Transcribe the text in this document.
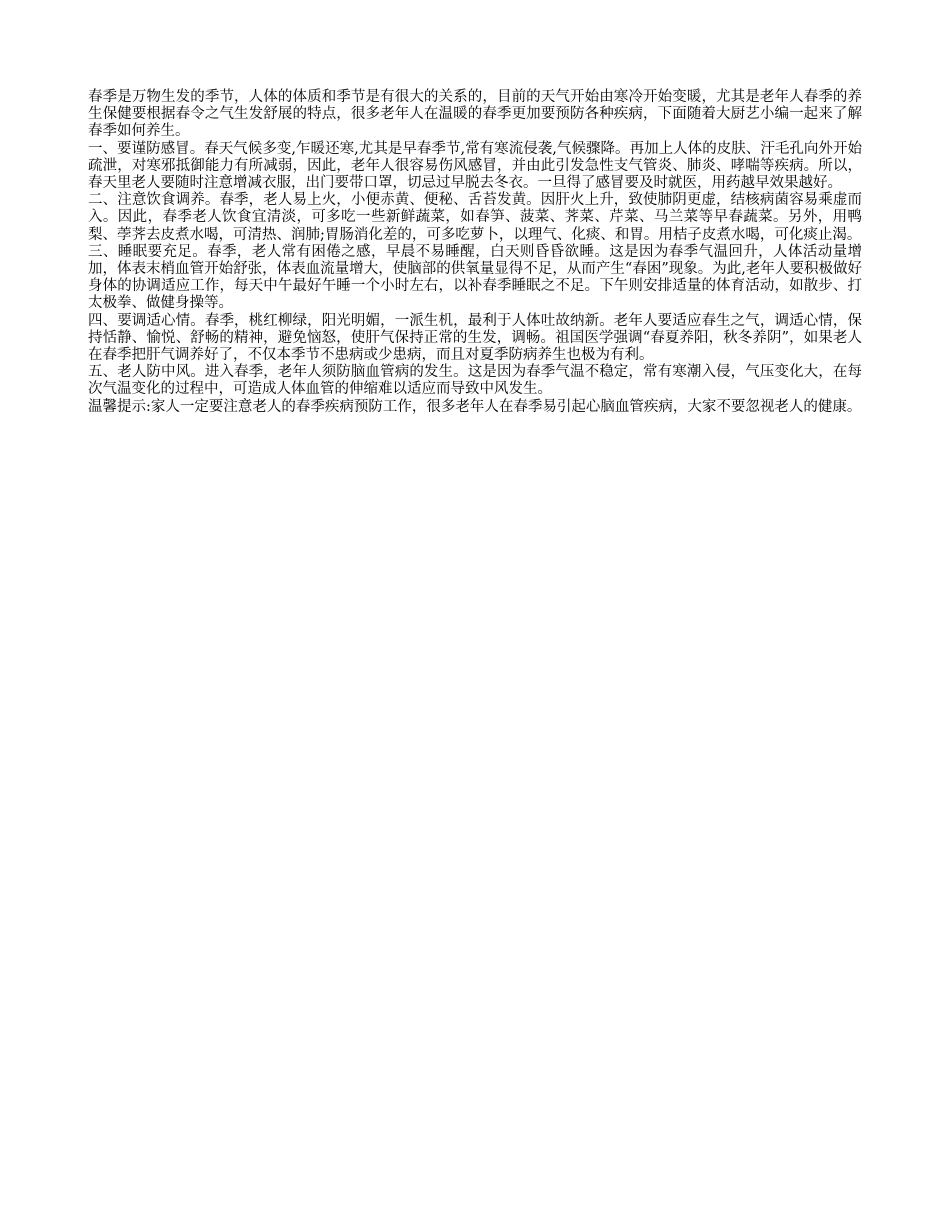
春季是万物生发的季节，人体的体质和季节是有很大的关系的，目前的天气开始由寒冷开始变暖，尤其是老年人春季的养生保健要根据春令之气生发舒展的特点，很多老年人在温暖的春季更加要预防各种疾病，下面随着大厨艺小编一起来了解春季如何养生。

一、要谨防感冒。春天气候多变,乍暖还寒,尤其是早春季节,常有寒流侵袭,气候骤降。再加上人体的皮肤、汗毛孔向外开始疏泄，对寒邪抵御能力有所减弱，因此，老年人很容易伤风感冒，并由此引发急性支气管炎、肺炎、哮喘等疾病。所以，春天里老人要随时注意增减衣服，出门要带口罩，切忌过早脱去冬衣。一旦得了感冒要及时就医，用药越早效果越好。

二、注意饮食调养。春季，老人易上火，小便赤黄、便秘、舌苔发黄。因肝火上升，致使肺阴更虚，结核病菌容易乘虚而入。因此，春季老人饮食宜清淡，可多吃一些新鲜蔬菜，如春笋、菠菜、荠菜、芹菜、马兰菜等早春蔬菜。另外，用鸭梨、荸荠去皮煮水喝，可清热、润肺;胃肠消化差的，可多吃萝卜，以理气、化痰、和胃。用桔子皮煮水喝，可化痰止渴。

三、睡眠要充足。春季，老人常有困倦之感，早晨不易睡醒，白天则昏昏欲睡。这是因为春季气温回升，人体活动量增加，体表末梢血管开始舒张，体表血流量增大，使脑部的供氧量显得不足，从而产生“春困”现象。为此,老年人要积极做好身体的协调适应工作，每天中午最好午睡一个小时左右，以补春季睡眠之不足。下午则安排适量的体育活动，如散步、打太极拳、做健身操等。

四、要调适心情。春季，桃红柳绿，阳光明媚，一派生机，最利于人体吐故纳新。老年人要适应春生之气，调适心情，保持恬静、愉悦、舒畅的精神，避免恼怒，使肝气保持正常的生发，调畅。祖国医学强调“春夏养阳，秋冬养阴”，如果老人在春季把肝气调养好了，不仅本季节不患病或少患病，而且对夏季防病养生也极为有利。

五、老人防中风。进入春季，老年人须防脑血管病的发生。这是因为春季气温不稳定，常有寒潮入侵，气压变化大，在每次气温变化的过程中，可造成人体血管的伸缩难以适应而导致中风发生。

温馨提示:家人一定要注意老人的春季疾病预防工作，很多老年人在春季易引起心脑血管疾病，大家不要忽视老人的健康。
